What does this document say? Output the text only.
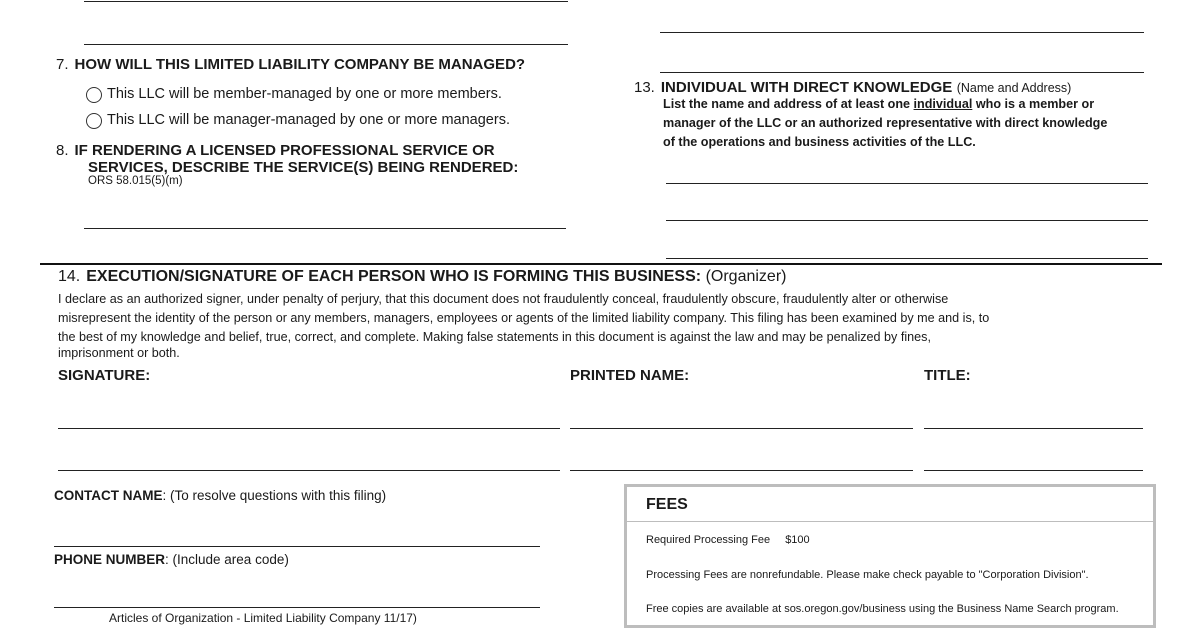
7. HOW WILL THIS LIMITED LIABILITY COMPANY BE MANAGED?
This LLC will be member-managed by one or more members.
This LLC will be manager-managed by one or more managers.
8. IF RENDERING A LICENSED PROFESSIONAL SERVICE OR
SERVICES, DESCRIBE THE SERVICE(S) BEING RENDERED:
ORS 58.015(5)(m)
13. INDIVIDUAL WITH DIRECT KNOWLEDGE (Name and Address)
List the name and address of at least one individual who is a member or
manager of the LLC or an authorized representative with direct knowledge
of the operations and business activities of the LLC.
14. EXECUTION/SIGNATURE OF EACH PERSON WHO IS FORMING THIS BUSINESS: (Organizer)
I declare as an authorized signer, under penalty of perjury, that this document does not fraudulently conceal, fraudulently obscure, fraudulently alter or otherwise
misrepresent the identity of the person or any members, managers, employees or agents of the limited liability company. This filing has been examined by me and is, to
the best of my knowledge and belief, true, correct, and complete. Making false statements in this document is against the law and may be penalized by fines,
imprisonment or both.
SIGNATURE:	PRINTED NAME:	TITLE:
CONTACT NAME: (To resolve questions with this filing)
PHONE NUMBER: (Include area code)
Articles of Organization - Limited Liability Company 11/17)
FEES
Required Processing Fee $100
Processing Fees are nonrefundable. Please make check payable to "Corporation Division".
Free copies are available at sos.oregon.gov/business using the Business Name Search program.
